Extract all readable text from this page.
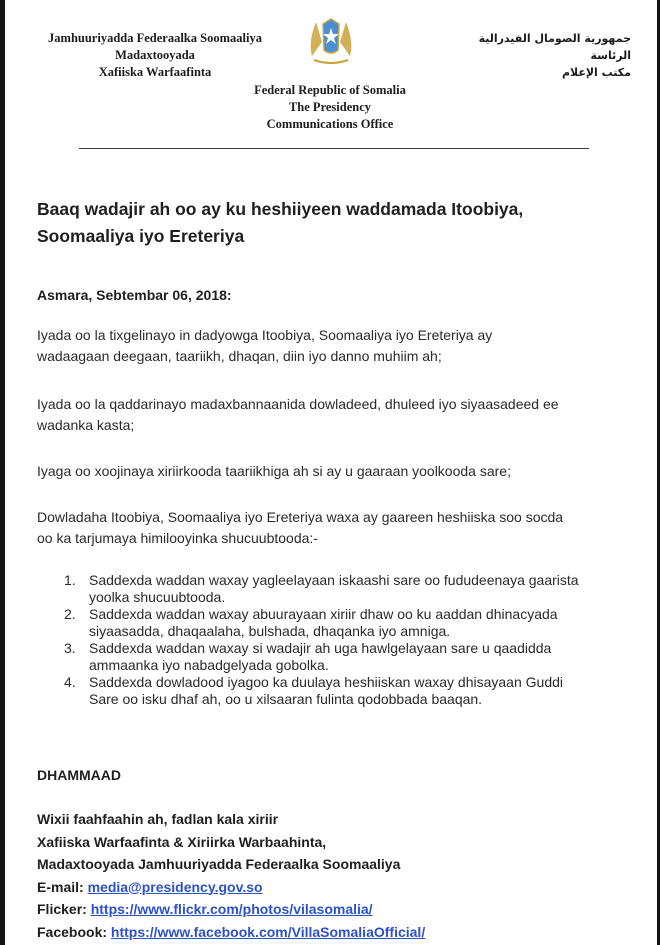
Jamhuuriyadda Federaalka Soomaaliya
Madaxtooyada
Xafiiska Warfaafinta
جمهورية الصومال الفيدرالية
الرئاسة
مكتب الإعلام
Federal Republic of Somalia
The Presidency
Communications Office
Baaq wadajir ah oo ay ku heshiiyeen waddamada Itoobiya,
Soomaaliya iyo Ereteriya
Asmara, Sebtembar 06, 2018:
Iyada oo la tixgelinayo in dadyowga Itoobiya, Soomaaliya iyo Ereteriya ay
wadaagaan deegaan, taariikh, dhaqan, diin iyo danno muhiim ah;
Iyada oo la qaddarinayo madaxbannaanida dowladeed, dhuleed iyo siyaasadeed ee
wadanka kasta;
Iyaga oo xoojinaya xiriirkooda taariikhiga ah si ay u gaaraan yoolkooda sare;
Dowladaha Itoobiya, Soomaaliya iyo Ereteriya waxa ay gaareen heshiiska soo socda
oo ka tarjumaya himilooyinka shucuubtooda:-
1. Saddexda waddan waxay yagleelayaan iskaashi sare oo fududeenaya gaarista
yoolka shucuubtooda.
2. Saddexda waddan waxay abuurayaan xiriir dhaw oo ku aaddan dhinacyada
siyaasadda, dhaqaalaha, bulshada, dhaqanka iyo amniga.
3. Saddexda waddan waxay si wadajir ah uga hawlgelayaan sare u qaadidda
ammaanka iyo nabadgelyada gobolka.
4. Saddexda dowladood iyagoo ka duulaya heshiiskan waxay dhisayaan Guddi
Sare oo isku dhaf ah, oo u xilsaaran fulinta qodobbada baaqan.
DHAMMAAD
Wixii faahfaahin ah, fadlan kala xiriir
Xafiiska Warfaafinta & Xiriirka Warbaahinta,
Madaxtooyada Jamhuuriyadda Federaalka Soomaaliya
E-mail: media@presidency.gov.so
Flicker: https://www.flickr.com/photos/vilasomalia/
Facebook: https://www.facebook.com/VillaSomaliaOfficial/
